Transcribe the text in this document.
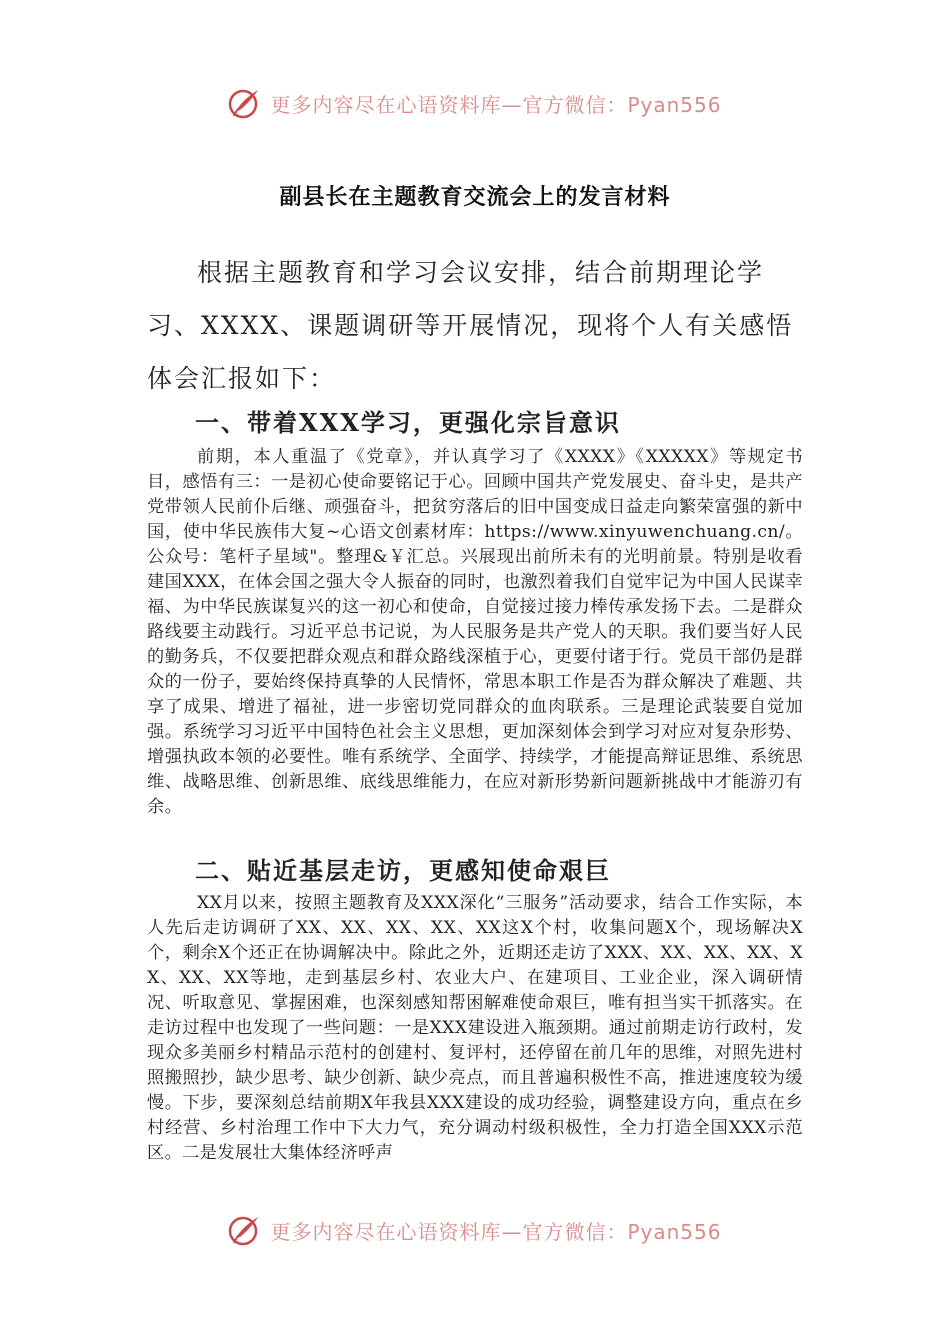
更多内容尽在心语资料库—官方微信：Pyan556
副县长在主题教育交流会上的发言材料

根据主题教育和学习会议安排，结合前期理论学习、XXXX、课题调研等开展情况，现将个人有关感悟体会汇报如下：

一、带着XXX学习，更强化宗旨意识

前期，本人重温了《党章》，并认真学习了《XXXX》《XXXXX》等规定书目，感悟有三：一是初心使命要铭记于心。回顾中国共产党发展史、奋斗史，是共产党带领人民前仆后继、顽强奋斗，把贫穷落后的旧中国变成日益走向繁荣富强的新中国，使中华民族伟大复~心语文创素材库：https://www.xinyuwenchuang.cn/。公众号：笔杆子星域"。整理&￥汇总。兴展现出前所未有的光明前景。特别是收看建国XXX，在体会国之强大令人振奋的同时，也激烈着我们自觉牢记为中国人民谋幸福、为中华民族谋复兴的这一初心和使命，自觉接过接力棒传承发扬下去。二是群众路线要主动践行。习近平总书记说，为人民服务是共产党人的天职。我们要当好人民的勤务兵，不仅要把群众观点和群众路线深植于心，更要付诸于行。党员干部仍是群众的一份子，要始终保持真挚的人民情怀，常思本职工作是否为群众解决了难题、共享了成果、增进了福祉，进一步密切党同群众的血肉联系。三是理论武装要自觉加强。系统学习习近平中国特色社会主义思想，更加深刻体会到学习对应对复杂形势、增强执政本领的必要性。唯有系统学、全面学、持续学，才能提高辩证思维、系统思维、战略思维、创新思维、底线思维能力，在应对新形势新问题新挑战中才能游刃有余。

二、贴近基层走访，更感知使命艰巨

XX月以来，按照主题教育及XXX深化“三服务”活动要求，结合工作实际，本人先后走访调研了XX、XX、XX、XX、XX这X个村，收集问题X个，现场解决X个，剩余X个还正在协调解决中。除此之外，近期还走访了XXX、XX、XX、XX、XX、XX、XX等地，走到基层乡村、农业大户、在建项目、工业企业，深入调研情况、听取意见、掌握困难，也深刻感知帮困解难使命艰巨，唯有担当实干抓落实。在走访过程中也发现了一些问题：一是XXX建设进入瓶颈期。通过前期走访行政村，发现众多美丽乡村精品示范村的创建村、复评村，还停留在前几年的思维，对照先进村照搬照抄，缺少思考、缺少创新、缺少亮点，而且普遍积极性不高，推进速度较为缓慢。下步，要深刻总结前期X年我县XXX建设的成功经验，调整建设方向，重点在乡村经营、乡村治理工作中下大力气，充分调动村级积极性，全力打造全国XXX示范区。二是发展壮大集体经济呼声

更多内容尽在心语资料库—官方微信：Pyan556
